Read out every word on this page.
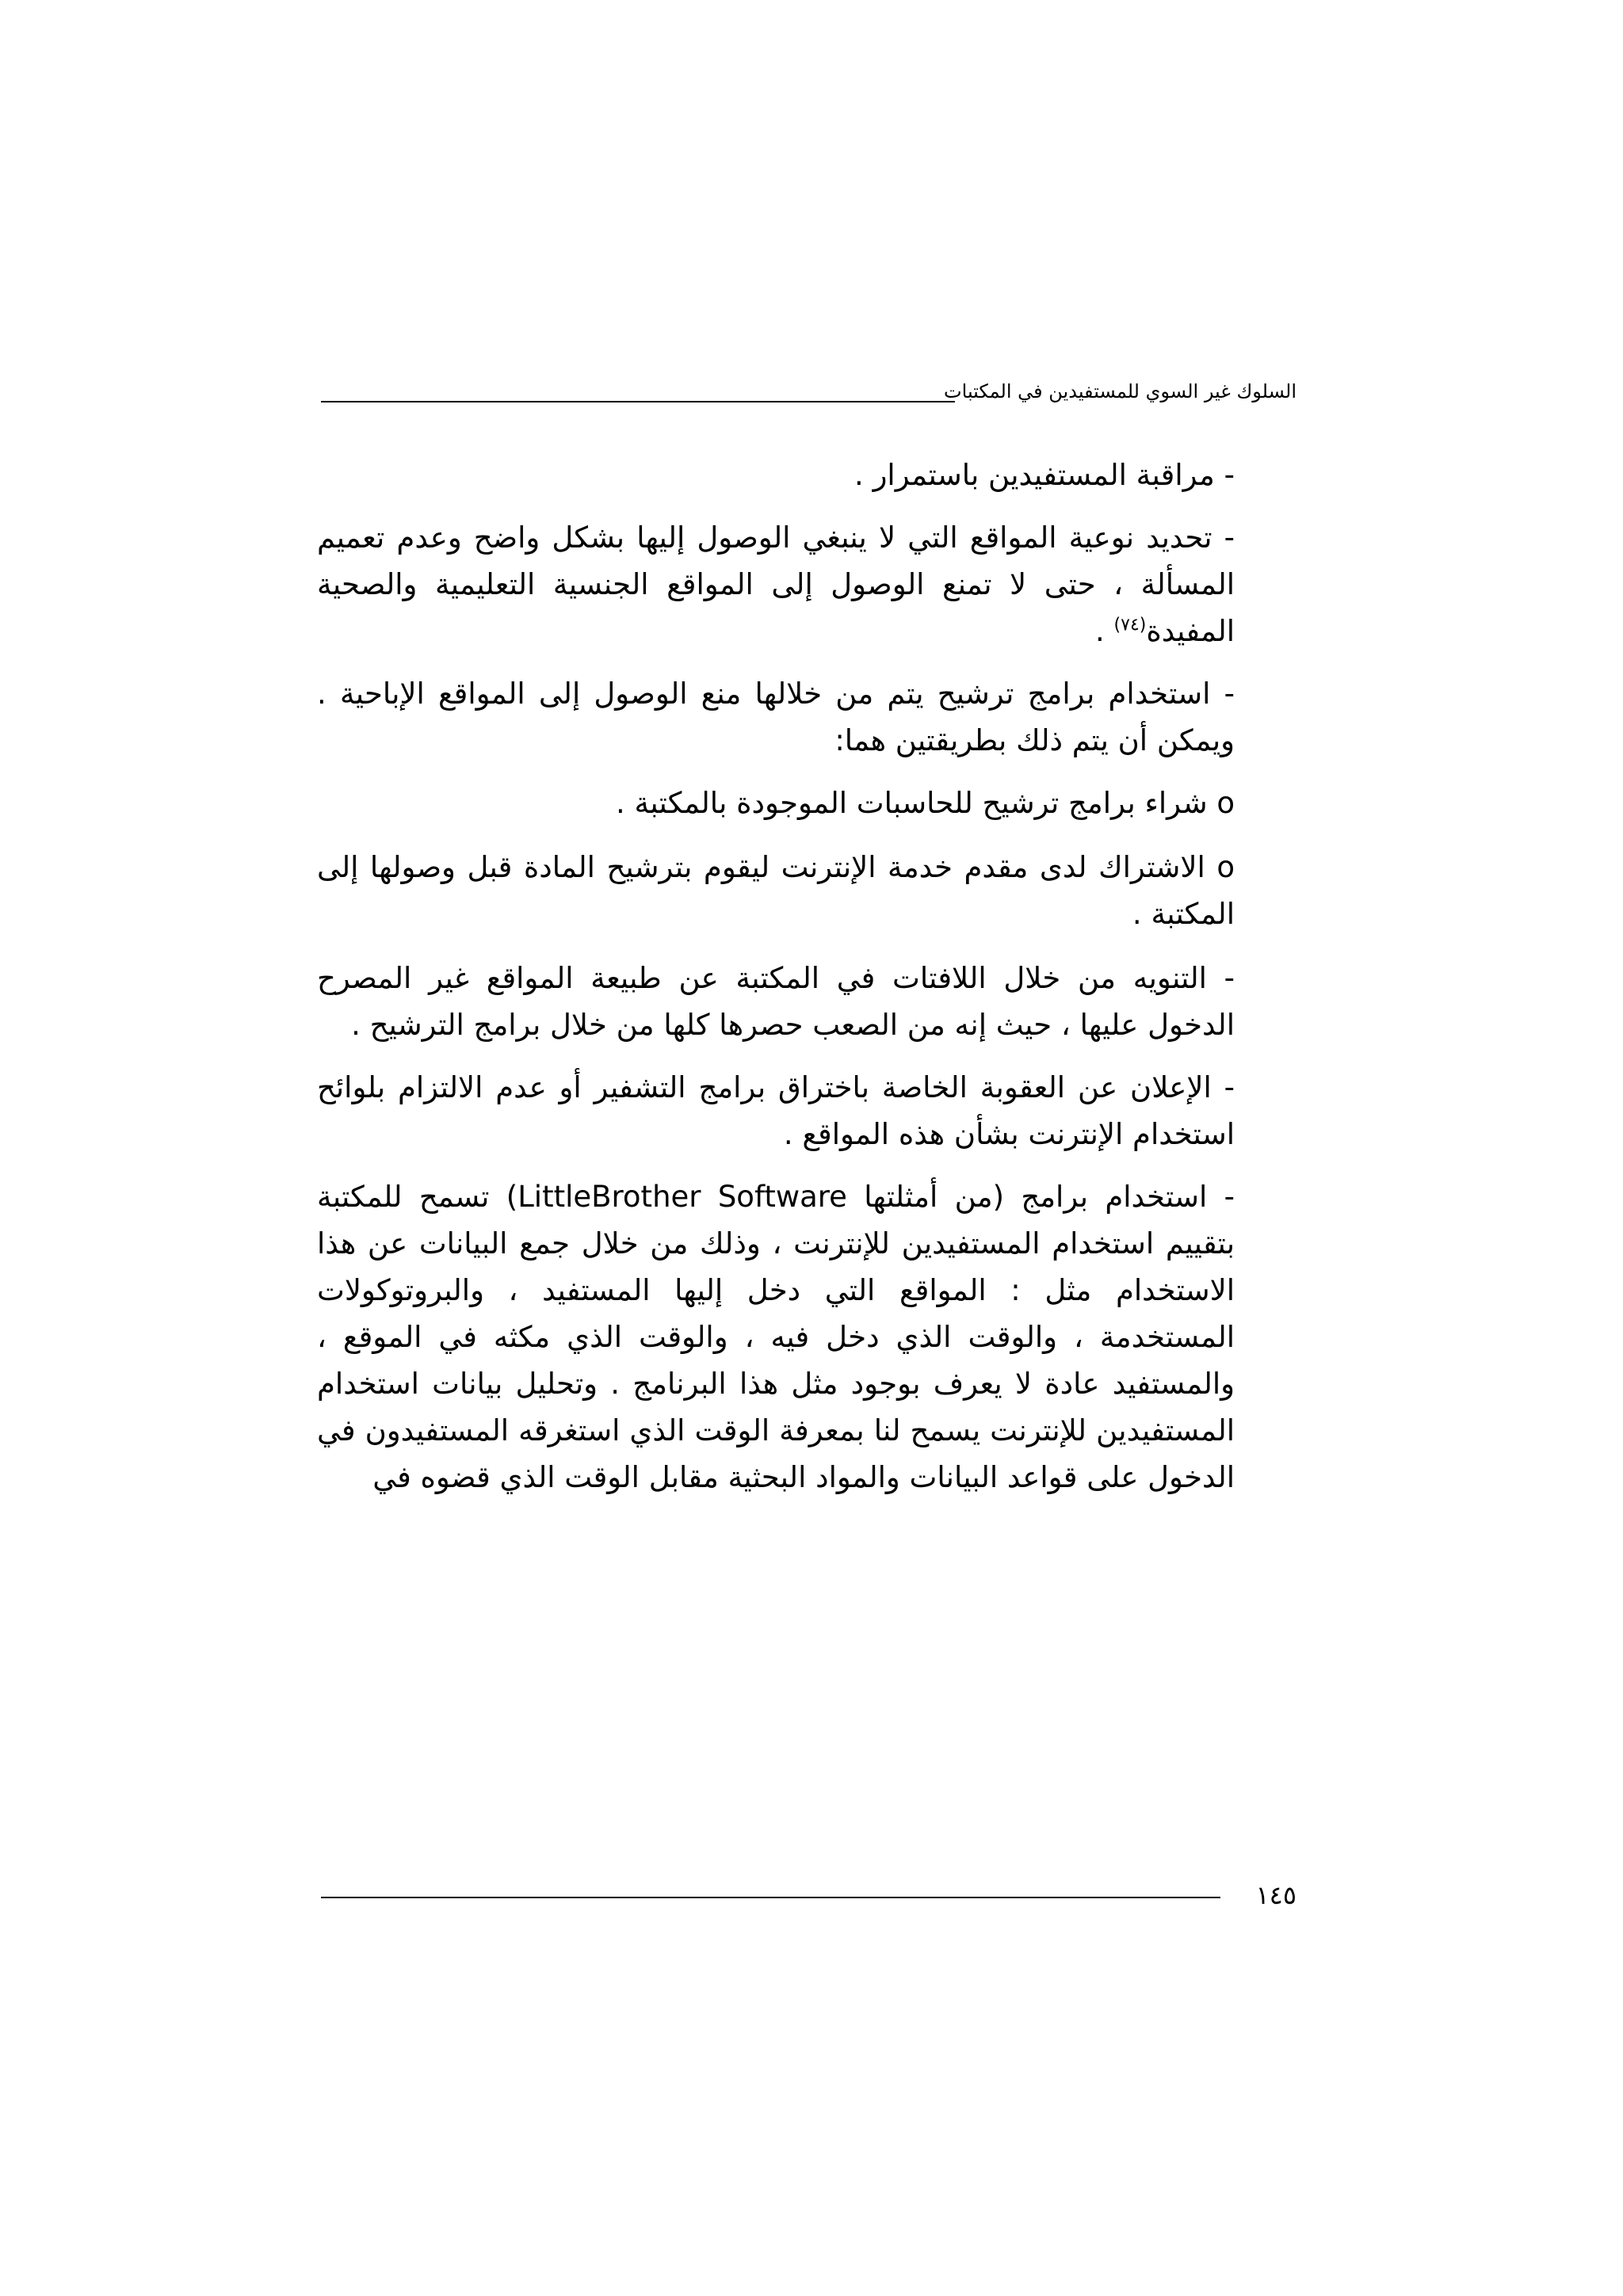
السلوك غير السوي للمستفيدين في المكتبات

- مراقبة المستفيدين باستمرار .

- تحديد نوعية المواقع التي لا ينبغي الوصول إليها بشكل واضح وعدم تعميم المسألة ، حتى لا تمنع الوصول إلى المواقع الجنسية التعليمية والصحية المفيدة$^{(٧٤)}$ .

- استخدام برامج ترشيح يتم من خلالها منع الوصول إلى المواقع الإباحية . ويمكن أن يتم ذلك بطريقتين هما:

o شراء برامج ترشيح للحاسبات الموجودة بالمكتبة .

o الاشتراك لدى مقدم خدمة الإنترنت ليقوم بترشيح المادة قبل وصولها إلى المكتبة .

- التنويه من خلال اللافتات في المكتبة عن طبيعة المواقع غير المصرح الدخول عليها ، حيث إنه من الصعب حصرها كلها من خلال برامج الترشيح .

- الإعلان عن العقوبة الخاصة باختراق برامج التشفير أو عدم الالتزام بلوائح استخدام الإنترنت بشأن هذه المواقع .

- استخدام برامج (من أمثلتها LittleBrother Software) تسمح للمكتبة بتقييم استخدام المستفيدين للإنترنت ، وذلك من خلال جمع البيانات عن هذا الاستخدام مثل : المواقع التي دخل إليها المستفيد ، والبروتوكولات المستخدمة ، والوقت الذي دخل فيه ، والوقت الذي مكثه في الموقع ، والمستفيد عادة لا يعرف بوجود مثل هذا البرنامج . وتحليل بيانات استخدام المستفيدين للإنترنت يسمح لنا بمعرفة الوقت الذي استغرقه المستفيدون في الدخول على قواعد البيانات والمواد البحثية مقابل الوقت الذي قضوه في

١٤٥
